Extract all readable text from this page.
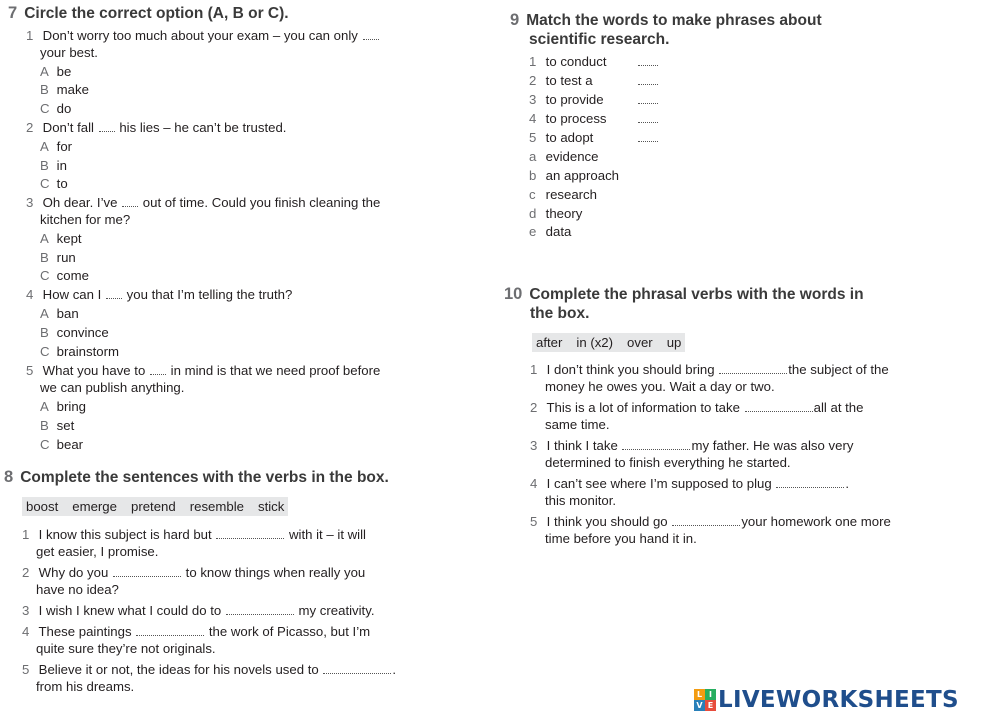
7 Circle the correct option (A, B or C).
1 Don’t worry too much about your exam – you can only
your best.
A be
B make
C do
2 Don’t fall his lies – he can’t be trusted.
A for
B in
C to
3 Oh dear. I’ve out of time. Could you finish cleaning the
kitchen for me?
A kept
B run
C come
4 How can I you that I’m telling the truth?
A ban
B convince
C brainstorm
5 What you have to in mind is that we need proof before
we can publish anything.
A bring
B set
C bear
8 Complete the sentences with the verbs in the box.
boost emerge pretend resemble stick
1 I know this subject is hard but	with it – it will
get easier, I promise.
2 Why do you	to know things when really you
have no idea?
3 I wish I knew what I could do to	my creativity.
4 These paintings	the work of Picasso, but I’m
quite sure they’re not originals.
5 Believe it or not, the ideas for his novels used to	.
from his dreams.
9 Match the words to make phrases about
scientific research.
1 to conduct
2 to test a
3 to provide
4 to process
5 to adopt
a evidence
b an approach
c research
d theory
e data
10 Complete the phrasal verbs with the words in
the box.
after in (x2) over up
1 I don’t think you should bring	the subject of the
money he owes you. Wait a day or two.
2 This is a lot of information to take	all at the
same time.
3 I think I take	my father. He was also very
determined to finish everything he started.
4 I can’t see where I’m supposed to plug	.
this monitor.
5 I think you should go	your homework one more
time before you hand it in.
L I
V E LIVEWORKSHEETS
